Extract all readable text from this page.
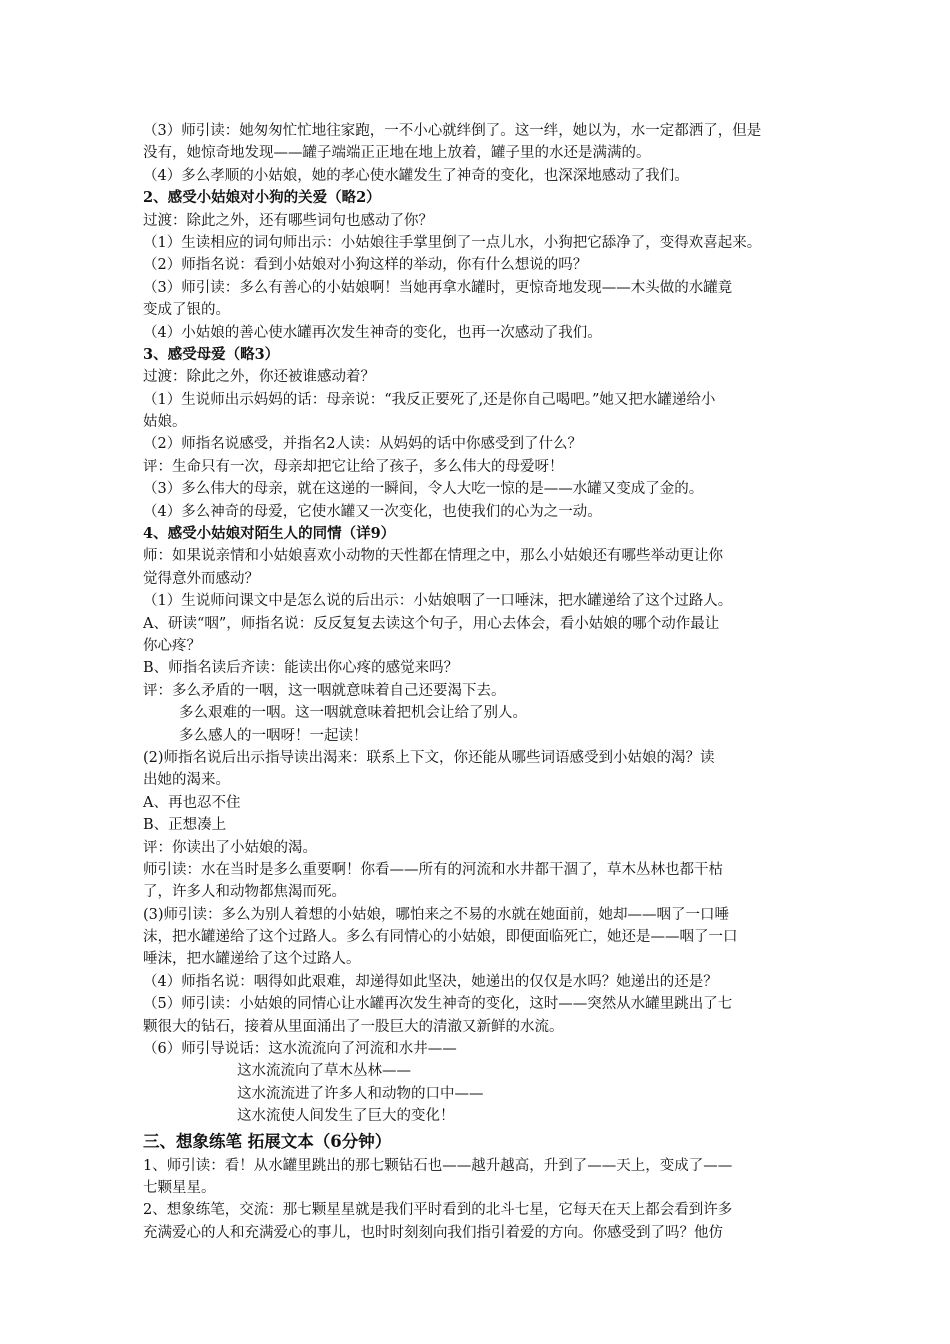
（3）师引读：她匆匆忙忙地往家跑，一不小心就绊倒了。这一绊，她以为，水一定都洒了，但是
没有，她惊奇地发现——罐子端端正正地在地上放着，罐子里的水还是满满的。
（4）多么孝顺的小姑娘，她的孝心使水罐发生了神奇的变化，也深深地感动了我们。
2、感受小姑娘对小狗的关爱（略2）
过渡：除此之外，还有哪些词句也感动了你？
（1）生读相应的词句师出示：小姑娘往手掌里倒了一点儿水，小狗把它舔净了，变得欢喜起来。
（2）师指名说：看到小姑娘对小狗这样的举动，你有什么想说的吗？
（3）师引读：多么有善心的小姑娘啊！当她再拿水罐时，更惊奇地发现——木头做的水罐竟
变成了银的。
（4）小姑娘的善心使水罐再次发生神奇的变化，也再一次感动了我们。
3、感受母爱（略3）
过渡：除此之外，你还被谁感动着？
（1）生说师出示妈妈的话：母亲说：“我反正要死了,还是你自己喝吧。”她又把水罐递给小
姑娘。
（2）师指名说感受，并指名2人读：从妈妈的话中你感受到了什么？
评：生命只有一次，母亲却把它让给了孩子，多么伟大的母爱呀！
（3）多么伟大的母亲，就在这递的一瞬间，令人大吃一惊的是——水罐又变成了金的。
（4）多么神奇的母爱，它使水罐又一次变化，也使我们的心为之一动。
4、感受小姑娘对陌生人的同情（详9）
师：如果说亲情和小姑娘喜欢小动物的天性都在情理之中，那么小姑娘还有哪些举动更让你
觉得意外而感动？
（1）生说师问课文中是怎么说的后出示：小姑娘咽了一口唾沫，把水罐递给了这个过路人。
A、研读“咽”，师指名说：反反复复去读这个句子，用心去体会，看小姑娘的哪个动作最让
你心疼？
B、师指名读后齐读：能读出你心疼的感觉来吗？
评：多么矛盾的一咽，这一咽就意味着自己还要渴下去。
多么艰难的一咽。这一咽就意味着把机会让给了别人。
多么感人的一咽呀！一起读！
(2)师指名说后出示指导读出渴来：联系上下文，你还能从哪些词语感受到小姑娘的渴？读
出她的渴来。
A、再也忍不住
B、正想凑上
评：你读出了小姑娘的渴。
师引读：水在当时是多么重要啊！你看——所有的河流和水井都干涸了，草木丛林也都干枯
了，许多人和动物都焦渴而死。
(3)师引读：多么为别人着想的小姑娘，哪怕来之不易的水就在她面前，她却——咽了一口唾
沫，把水罐递给了这个过路人。多么有同情心的小姑娘，即便面临死亡，她还是——咽了一口
唾沫，把水罐递给了这个过路人。
（4）师指名说：咽得如此艰难，却递得如此坚决，她递出的仅仅是水吗？她递出的还是？
（5）师引读：小姑娘的同情心让水罐再次发生神奇的变化，这时——突然从水罐里跳出了七
颗很大的钻石，接着从里面涌出了一股巨大的清澈又新鲜的水流。
（6）师引导说话：这水流流向了河流和水井——
这水流流向了草木丛林——
这水流流进了许多人和动物的口中——
这水流使人间发生了巨大的变化！
三、想象练笔 拓展文本（6分钟）
1、师引读：看！从水罐里跳出的那七颗钻石也——越升越高，升到了——天上，变成了——
七颗星星。
2、想象练笔，交流：那七颗星星就是我们平时看到的北斗七星，它每天在天上都会看到许多
充满爱心的人和充满爱心的事儿，也时时刻刻向我们指引着爱的方向。你感受到了吗？他仿
